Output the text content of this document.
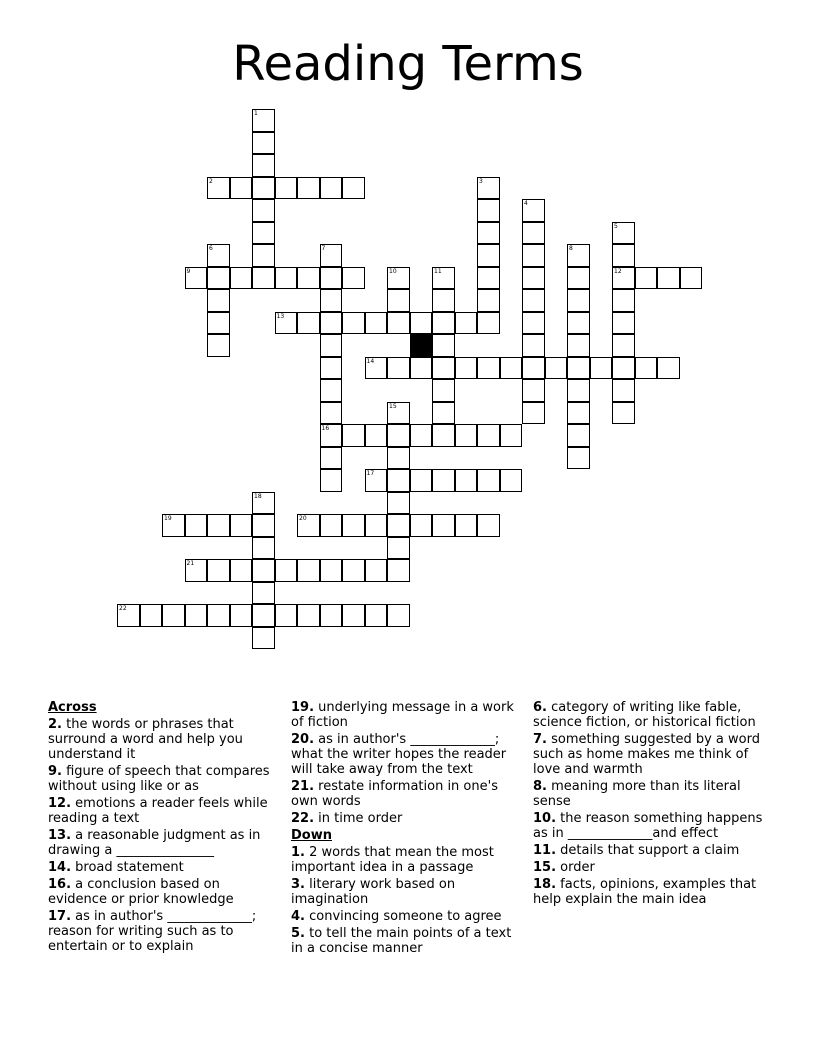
Reading Terms
2
9	12
13
14
16
17
19	20
21
22
1
3
4
5
6	7	8
10	11
15
18
Across
2. the words or phrases that surround a word and help you understand it
9. figure of speech that compares without using like or as
12. emotions a reader feels while reading a text
13. a reasonable judgment as in drawing a _______________
14. broad statement
16. a conclusion based on evidence or prior knowledge
17. as in author's _____________; reason for writing such as to entertain or to explain
19. underlying message in a work of fiction
20. as in author's _____________; what the writer hopes the reader will take away from the text
21. restate information in one's own words
22. in time order
Down
1. 2 words that mean the most important idea in a passage
3. literary work based on imagination
4. convincing someone to agree
5. to tell the main points of a text in a concise manner
6. category of writing like fable, science fiction, or historical fiction
7. something suggested by a word such as home makes me think of love and warmth
8. meaning more than its literal sense
10. the reason something happens as in _____________and effect
11. details that support a claim
15. order
18. facts, opinions, examples that help explain the main idea
